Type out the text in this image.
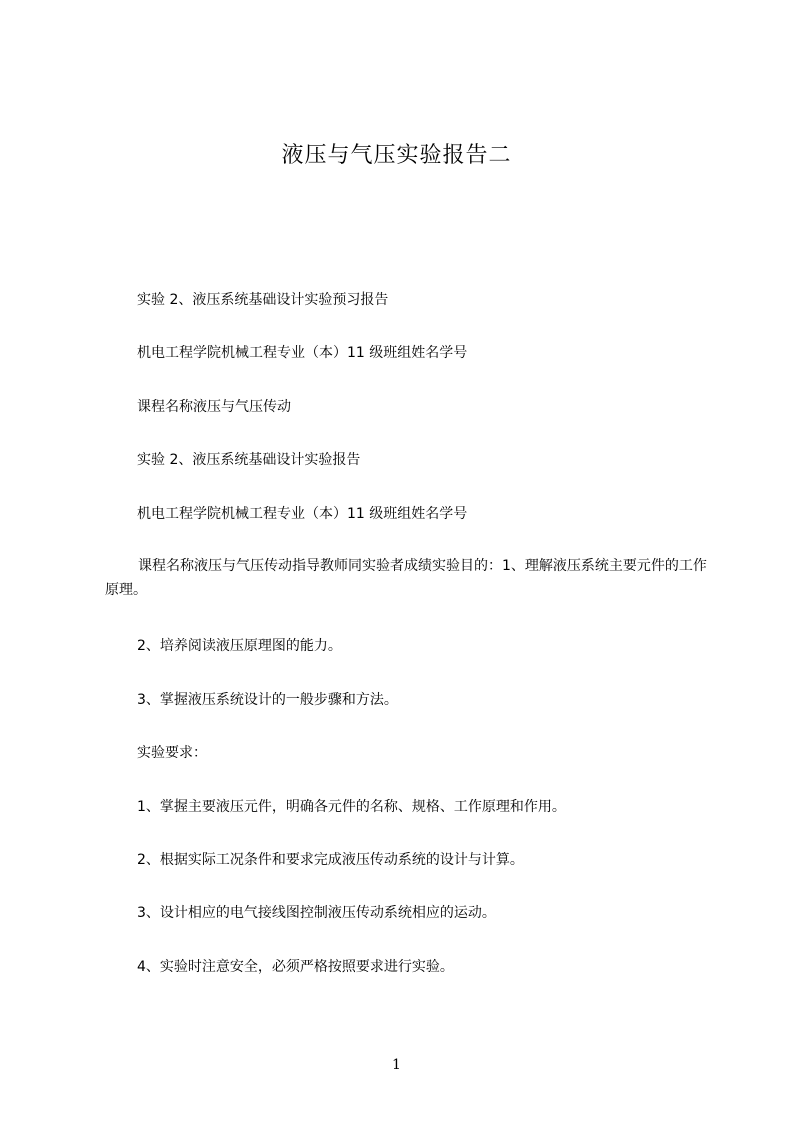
液压与气压实验报告二
实验 2、液压系统基础设计实验预习报告
机电工程学院机械工程专业（本）11 级班组姓名学号
课程名称液压与气压传动
实验 2、液压系统基础设计实验报告
机电工程学院机械工程专业（本）11 级班组姓名学号
课程名称液压与气压传动指导教师同实验者成绩实验目的：1、理解液压系统主要元件的工作原理。
2、培养阅读液压原理图的能力。
3、掌握液压系统设计的一般步骤和方法。
实验要求：
1、掌握主要液压元件，明确各元件的名称、规格、工作原理和作用。
2、根据实际工况条件和要求完成液压传动系统的设计与计算。
3、设计相应的电气接线图控制液压传动系统相应的运动。
4、实验时注意安全，必须严格按照要求进行实验。
1
